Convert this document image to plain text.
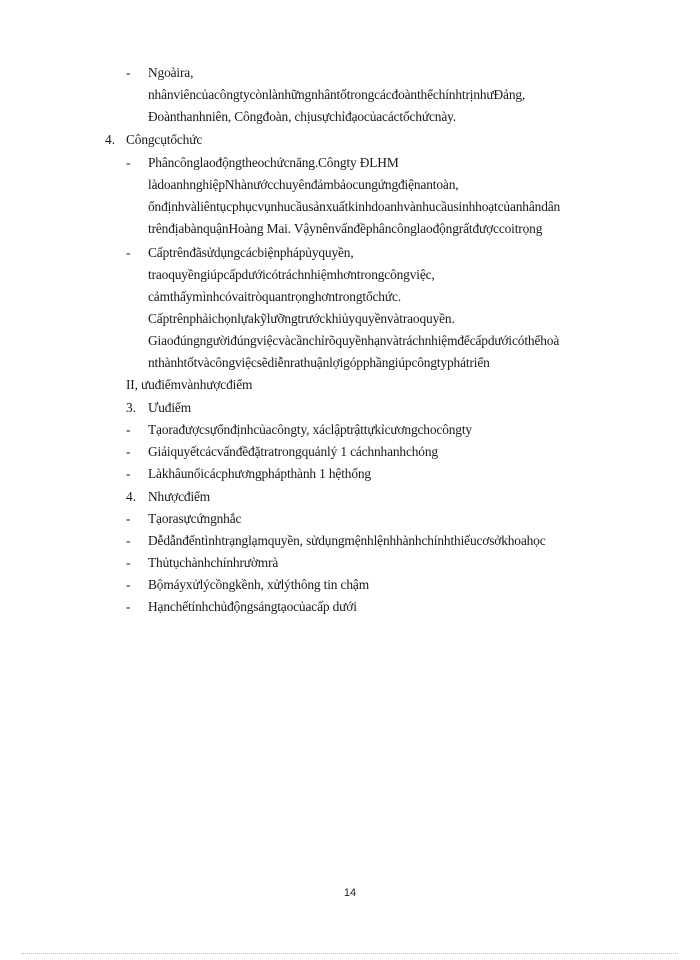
- Ngoàira,
nhânviêncủacôngtycònlànhữngnhântốtrongcácđoànthểchínhtrịnhưĐảng,
Đoànthanhniên, Côngđoàn, chịusựchỉđạocủacáctổchứcnày.
4. Côngcụtổchức
- Phâncônglaođộngtheochứcnăng.Côngty ĐLHM
làdoanhnghiệpNhànướcchuyênđảmbảocungứngđiệnantoàn,
ổnđịnhvàliêntụcphụcvụnhucầusảnxuấtkinhdoanhvànhucầusinhhoạtcủanhândân
trênđịabànquậnHoàng Mai. Vậynênvấnđềphâncônglaođộngrấtđượccoitrọng
- Cấptrênđãsửdụngcácbiệnphápủyquyền,
traoquyềngiúpcấpdướicótráchnhiệmhơntrongcôngviệc,
cảmthấymìnhcóvaitròquantrọnghơntrongtổchức.
Cấptrênphảichọnlựakỹlưỡngtrướckhiủyquyềnvàtraoquyền.
Giaođúngngườiđúngviệcvàcầnchỉrõquyềnhạnvàtráchnhiệmđểcấpdướicóthểhoà
nthànhtốtvàcôngviệcsẽdiễnrathuậnlợigópphầngiúpcôngtyphátriển
II, ưuđiểmvànhượcđiểm
3. Ưuđiểm
- Tạorađượcsựổnđịnhcủacôngty, xáclậptrậttựkỉcươngchocôngty
- Giảiquyếtcácvấnđềđặtratrongquảnlý 1 cáchnhanhchóng
- Làkhâunốicácphươngphápthành 1 hệthống
4. Nhượcđiểm
- Tạorasựcứngnhắc
- Dễdẫnđếntìnhtrạnglạmquyền, sửdụngmệnhlệnhhànhchínhthiếucơsởkhoahọc
- Thủtụchànhchínhrườmrà
- Bộmáyxửlýcồngkềnh, xửlýthông tin chậm
- Hạnchếtínhchủđộngsángtạocủacấp dưới
14
